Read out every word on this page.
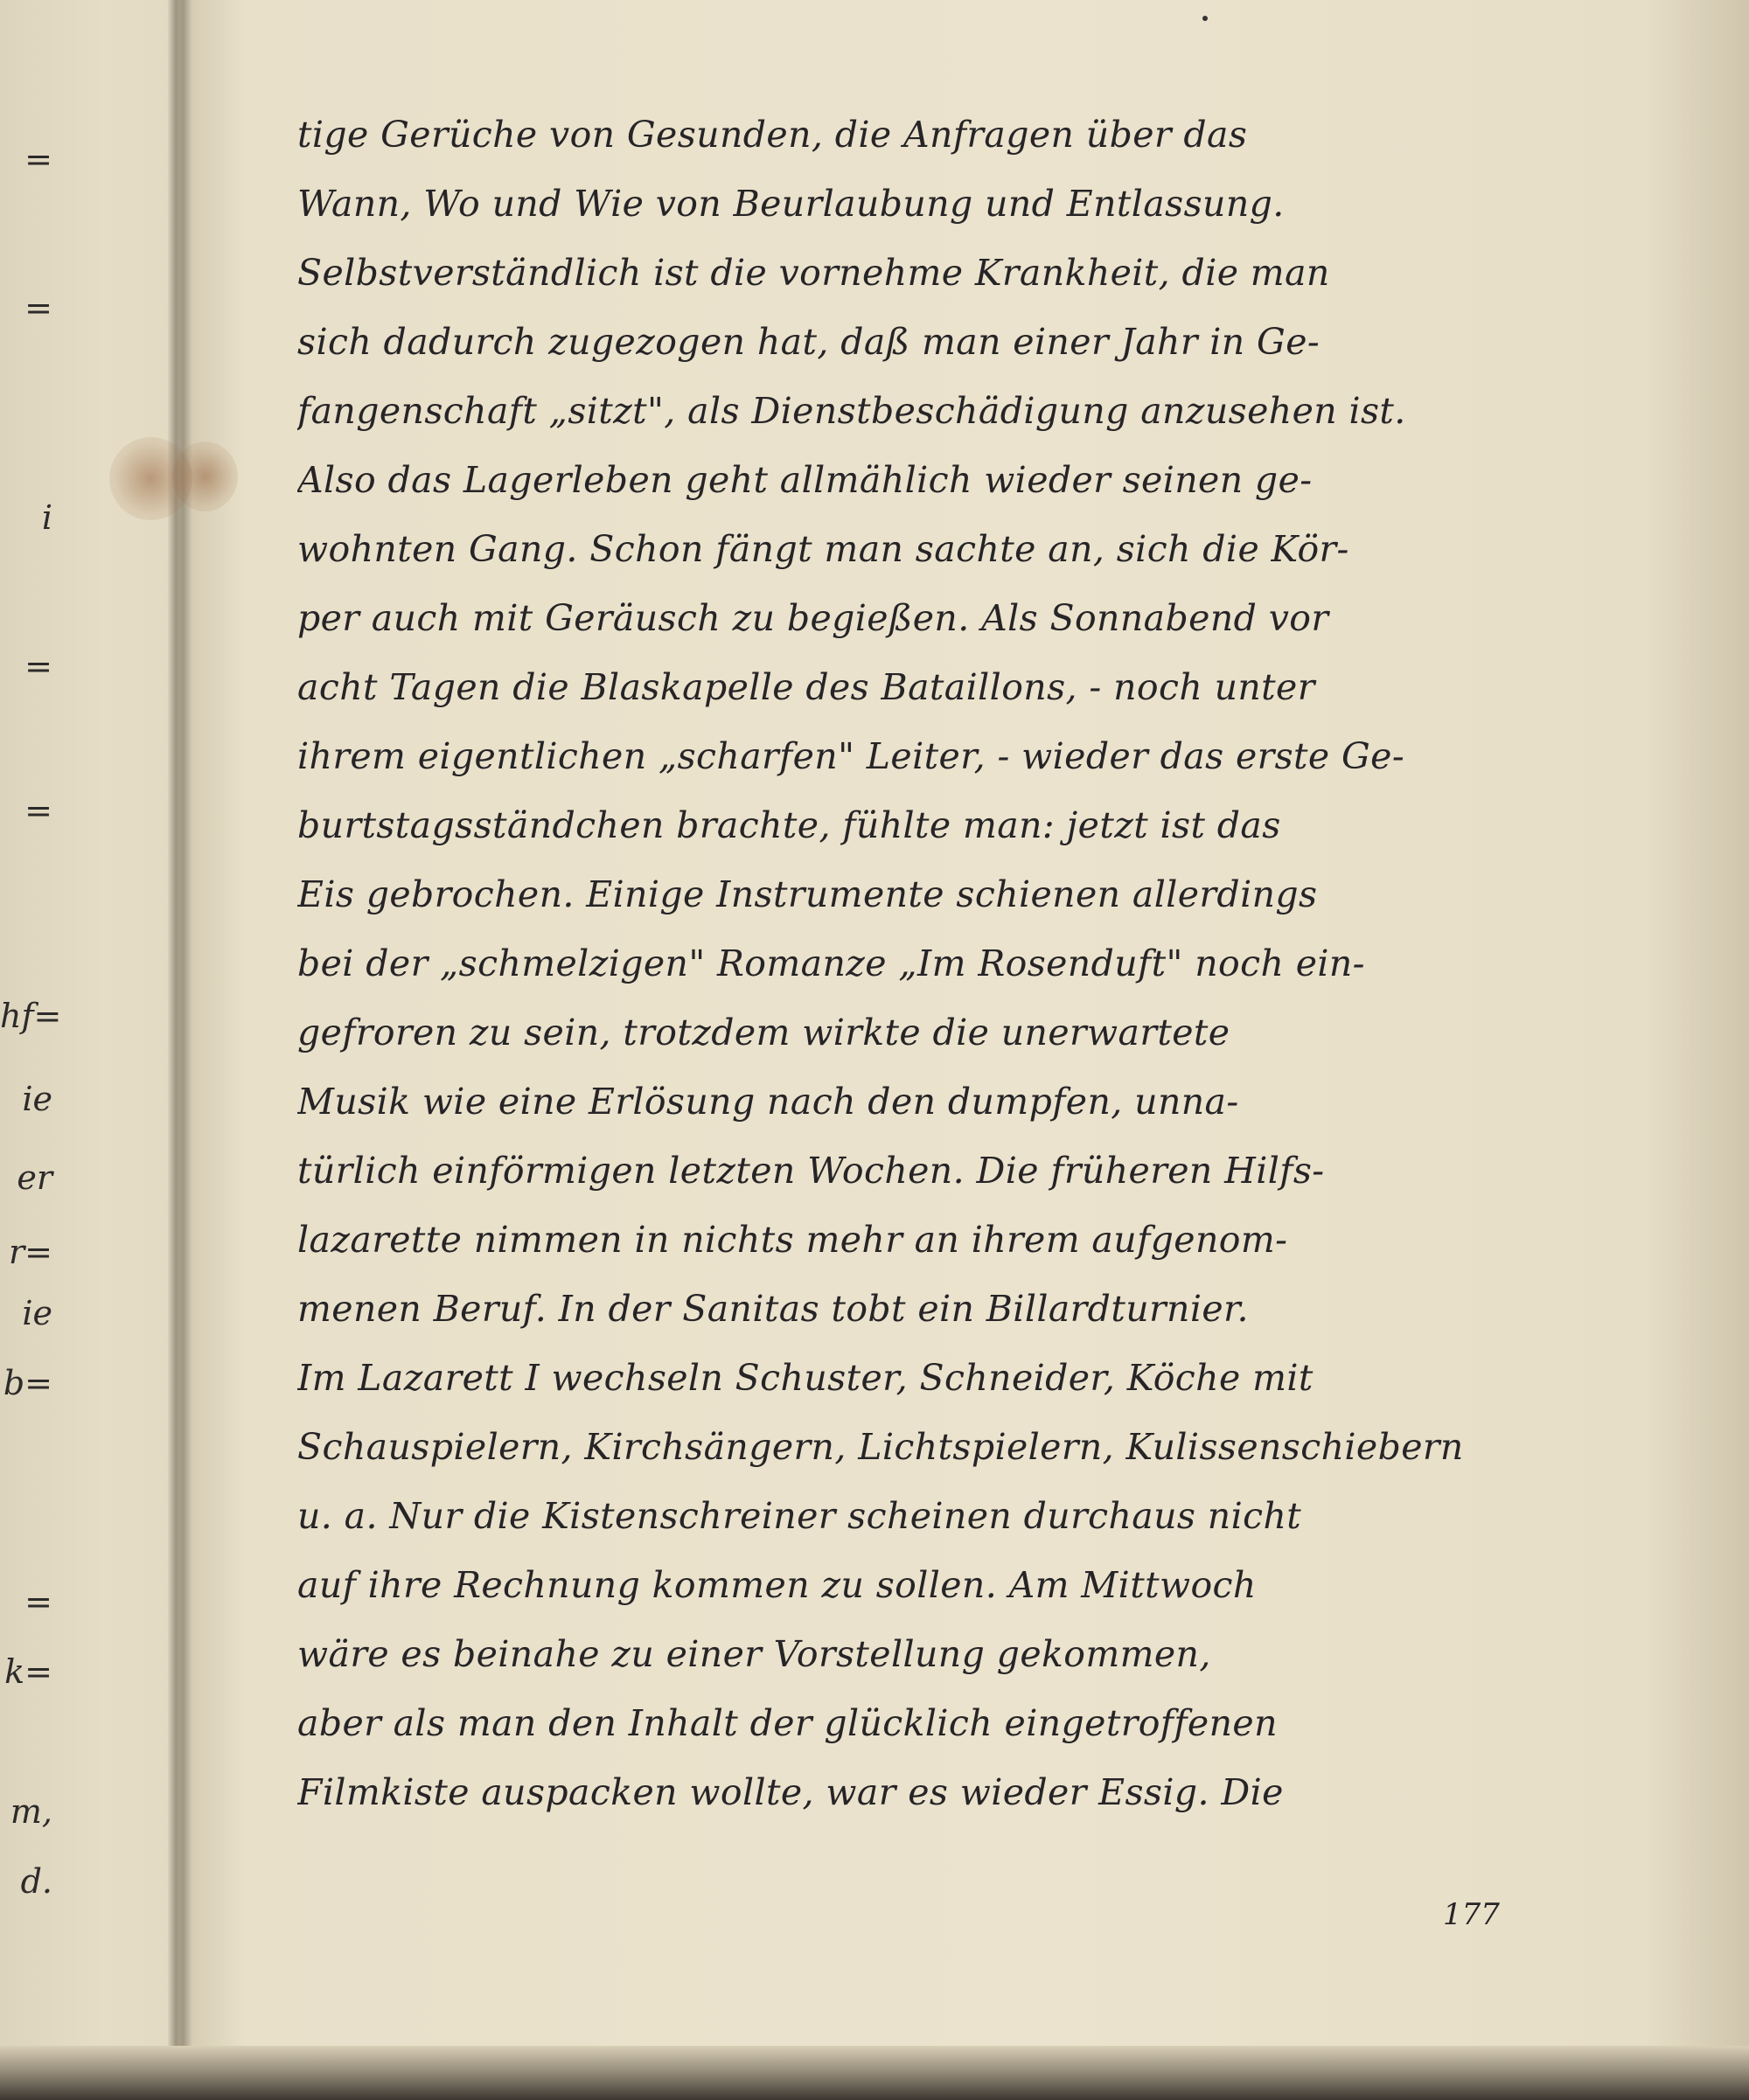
=
=
i
=
=
hf=
ie
er
r=
ie
b=
=
k=
m,
d.
tige Gerüche von Gesunden, die Anfragen über das
Wann, Wo und Wie von Beurlaubung und Entlassung.
Selbstverständlich ist die vornehme Krankheit, die man
sich dadurch zugezogen hat, daß man einer Jahr in Ge-
fangenschaft „sitzt", als Dienstbeschädigung anzusehen ist.
Also das Lagerleben geht allmählich wieder seinen ge-
wohnten Gang. Schon fängt man sachte an, sich die Kör-
per auch mit Geräusch zu begießen. Als Sonnabend vor
acht Tagen die Blaskapelle des Bataillons, - noch unter
ihrem eigentlichen „scharfen" Leiter, - wieder das erste Ge-
burtstagsständchen brachte, fühlte man: jetzt ist das
Eis gebrochen. Einige Instrumente schienen allerdings
bei der „schmelzigen" Romanze „Im Rosenduft" noch ein-
gefroren zu sein, trotzdem wirkte die unerwartete
Musik wie eine Erlösung nach den dumpfen, unna-
türlich einförmigen letzten Wochen. Die früheren Hilfs-
lazarette nimmen in nichts mehr an ihrem aufgenom-
menen Beruf. In der Sanitas tobt ein Billardturnier.
Im Lazarett I wechseln Schuster, Schneider, Köche mit
Schauspielern, Kirchsängern, Lichtspielern, Kulissenschiebern
u. a. Nur die Kistenschreiner scheinen durchaus nicht
auf ihre Rechnung kommen zu sollen. Am Mittwoch
wäre es beinahe zu einer Vorstellung gekommen,
aber als man den Inhalt der glücklich eingetroffenen
Filmkiste auspacken wollte, war es wieder Essig. Die
177
